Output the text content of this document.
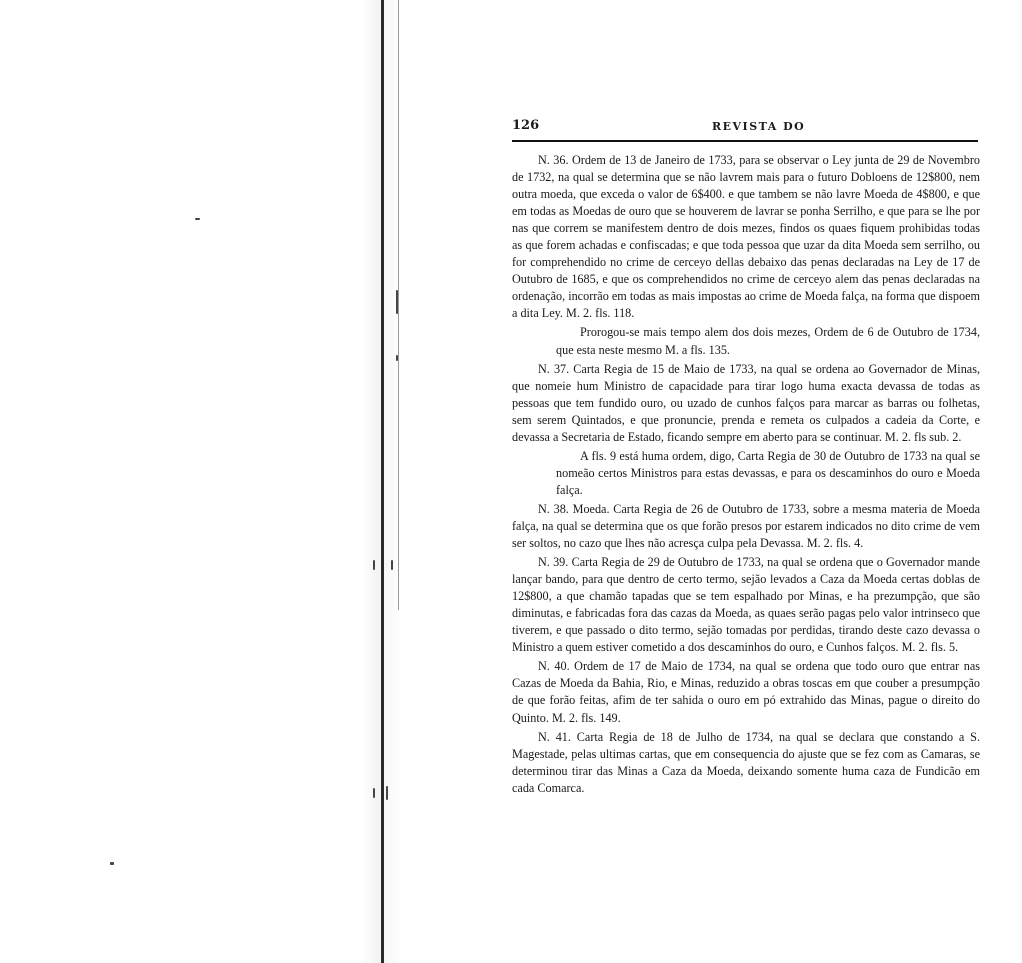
126	REVISTA DO

N. 36. Ordem de 13 de Janeiro de 1733, para se observar o Ley junta de 29 de Novembro de 1732, na qual se determina que se não lavrem mais para o futuro Dobloens de 12$800, nem outra moeda, que exceda o valor de 6$400. e que tambem se não lavre Moeda de 4$800, e que em todas as Moedas de ouro que se houverem de lavrar se ponha Serrilho, e que para se lhe por nas que correm se manifestem dentro de dois mezes, findos os quaes fiquem prohibidas todas as que forem achadas e confiscadas; e que toda pessoa que uzar da dita Moeda sem serrilho, ou for comprehendido no crime de cerceyo dellas debaixo das penas declaradas na Ley de 17 de Outubro de 1685, e que os comprehendidos no crime de cerceyo alem das penas declaradas na ordenação, incorrão em todas as mais impostas ao crime de Moeda falça, na forma que dispoem a dita Ley. M. 2. fls. 118.

Prorogou-se mais tempo alem dos dois mezes, Ordem de 6 de Outubro de 1734, que esta neste mesmo M. a fls. 135.

N. 37. Carta Regia de 15 de Maio de 1733, na qual se ordena ao Governador de Minas, que nomeie hum Ministro de capacidade para tirar logo huma exacta devassa de todas as pessoas que tem fundido ouro, ou uzado de cunhos falços para marcar as barras ou folhetas, sem serem Quintados, e que pronuncie, prenda e remeta os culpados a cadeia da Corte, e devassa a Secretaria de Estado, ficando sempre em aberto para se continuar. M. 2. fls sub. 2.

A fls. 9 está huma ordem, digo, Carta Regia de 30 de Outubro de 1733 na qual se nomeão certos Ministros para estas devassas, e para os descaminhos do ouro e Moeda falça.

N. 38. Moeda. Carta Regia de 26 de Outubro de 1733, sobre a mesma materia de Moeda falça, na qual se determina que os que forão presos por estarem indicados no dito crime de vem ser soltos, no cazo que lhes não acresça culpa pela Devassa. M. 2. fls. 4.

N. 39. Carta Regia de 29 de Outubro de 1733, na qual se ordena que o Governador mande lançar bando, para que dentro de certo termo, sejão levados a Caza da Moeda certas doblas de 12$800, a que chamão tapadas que se tem espalhado por Minas, e ha prezumpção, que são diminutas, e fabricadas fora das cazas da Moeda, as quaes serão pagas pelo valor intrinseco que tiverem, e que passado o dito termo, sejão tomadas por perdidas, tirando deste cazo devassa o Ministro a quem estiver cometido a dos descaminhos do ouro, e Cunhos falços. M. 2. fls. 5.

N. 40. Ordem de 17 de Maio de 1734, na qual se ordena que todo ouro que entrar nas Cazas de Moeda da Bahia, Rio, e Minas, reduzido a obras toscas em que couber a presumpção de que forão feitas, afim de ter sahida o ouro em pó extrahido das Minas, pague o direito do Quinto. M. 2. fls. 149.

N. 41. Carta Regia de 18 de Julho de 1734, na qual se declara que constando a S. Magestade, pelas ultimas cartas, que em consequencia do ajuste que se fez com as Camaras, se determinou tirar das Minas a Caza da Moeda, deixando somente huma caza de Fundicão em cada Comarca.
